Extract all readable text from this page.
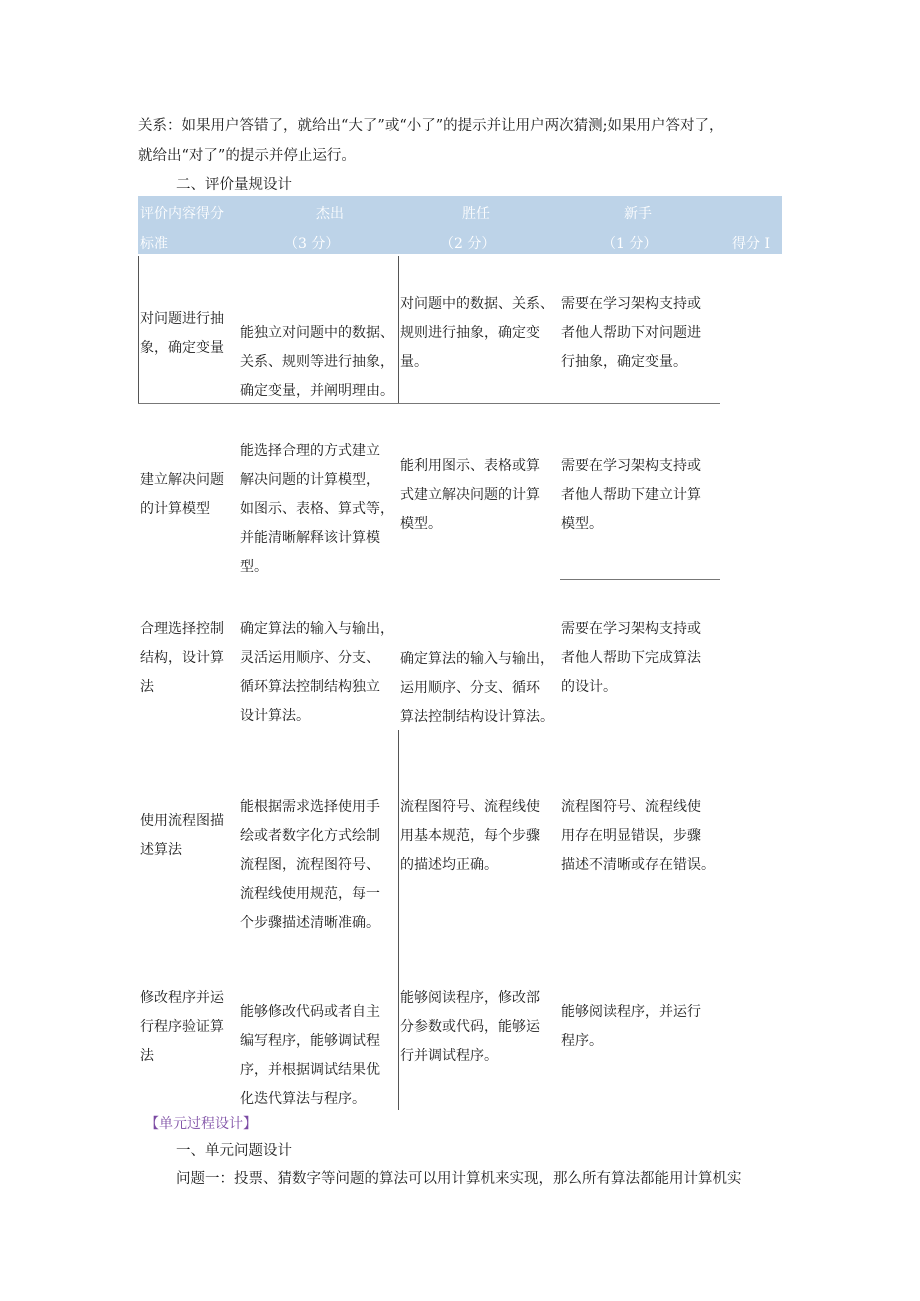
关系：如果用户答错了，就给出“大了”或“小了”的提示并让用户两次猜测;如果用户答对了，
就给出“对了”的提示并停止运行。
二、评价量规设计
评价内容得分
标准
杰出
（3 分）
胜任
（2 分）
新手
（1 分）	得分 I
对问题进行抽
象，确定变量
能独立对问题中的数据、
关系、规则等进行抽象，
确定变量，并阐明理由。
对问题中的数据、关系、
规则进行抽象，确定变
量。
需要在学习架构支持或
者他人帮助下对问题进
行抽象，确定变量。
建立解决问题
的计算模型
能选择合理的方式建立
解决问题的计算模型，
如图示、表格、算式等，
并能清晰解释该计算模
型。
能利用图示、表格或算
式建立解决问题的计算
模型。
需要在学习架构支持或
者他人帮助下建立计算
模型。
合理选择控制
结构，设计算
法
确定算法的输入与输出，
灵活运用顺序、分支、
循环算法控制结构独立
设计算法。
确定算法的输入与输出，
运用顺序、分支、循环
算法控制结构设计算法。
需要在学习架构支持或
者他人帮助下完成算法
的设计。
使用流程图描
述算法
能根据需求选择使用手
绘或者数字化方式绘制
流程图，流程图符号、
流程线使用规范，每一
个步骤描述清晰准确。
流程图符号、流程线使
用基本规范，每个步骤
的描述均正确。
流程图符号、流程线使
用存在明显错误，步骤
描述不清晰或存在错误。
修改程序并运
行程序验证算
法
能够修改代码或者自主
编写程序，能够调试程
序，并根据调试结果优
化迭代算法与程序。
能够阅读程序，修改部
分参数或代码，能够运
行并调试程序。
能够阅读程序，并运行
程序。
【单元过程设计】
一、单元问题设计
问题一：投票、猜数字等问题的算法可以用计算机来实现，那么所有算法都能用计算机实
